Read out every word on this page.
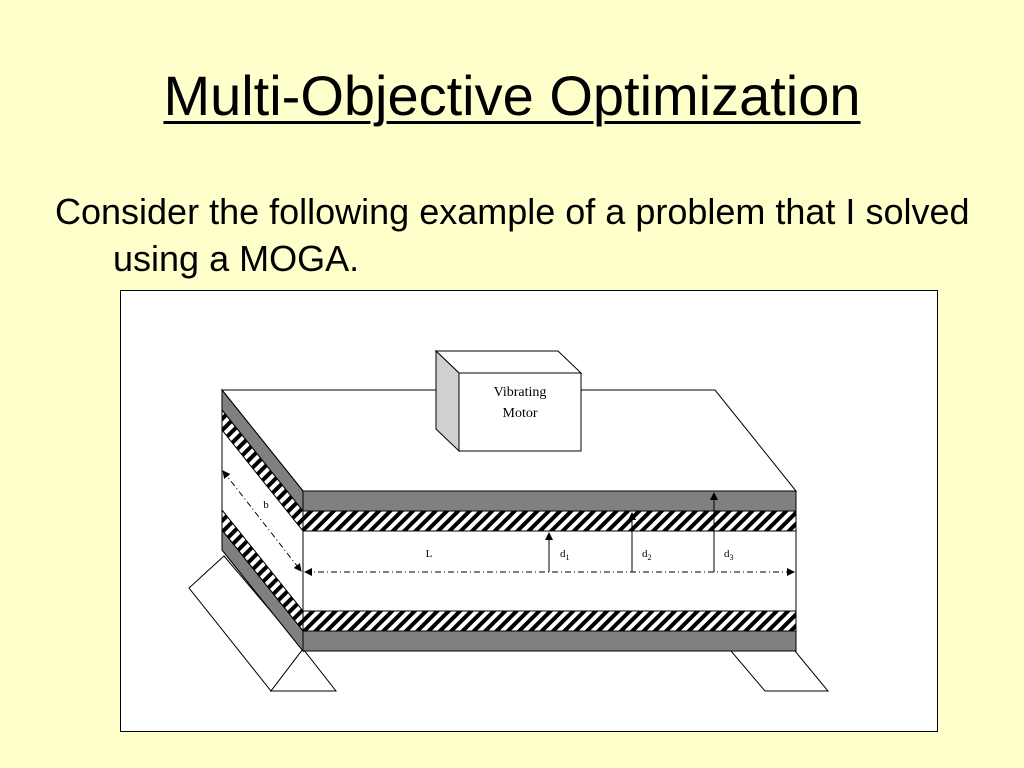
Multi-Objective Optimization

Consider the following example of a problem that I solved using a MOGA.

Vibrating
Motor
b
L	$d_1$	$d_2$	$d_3$
